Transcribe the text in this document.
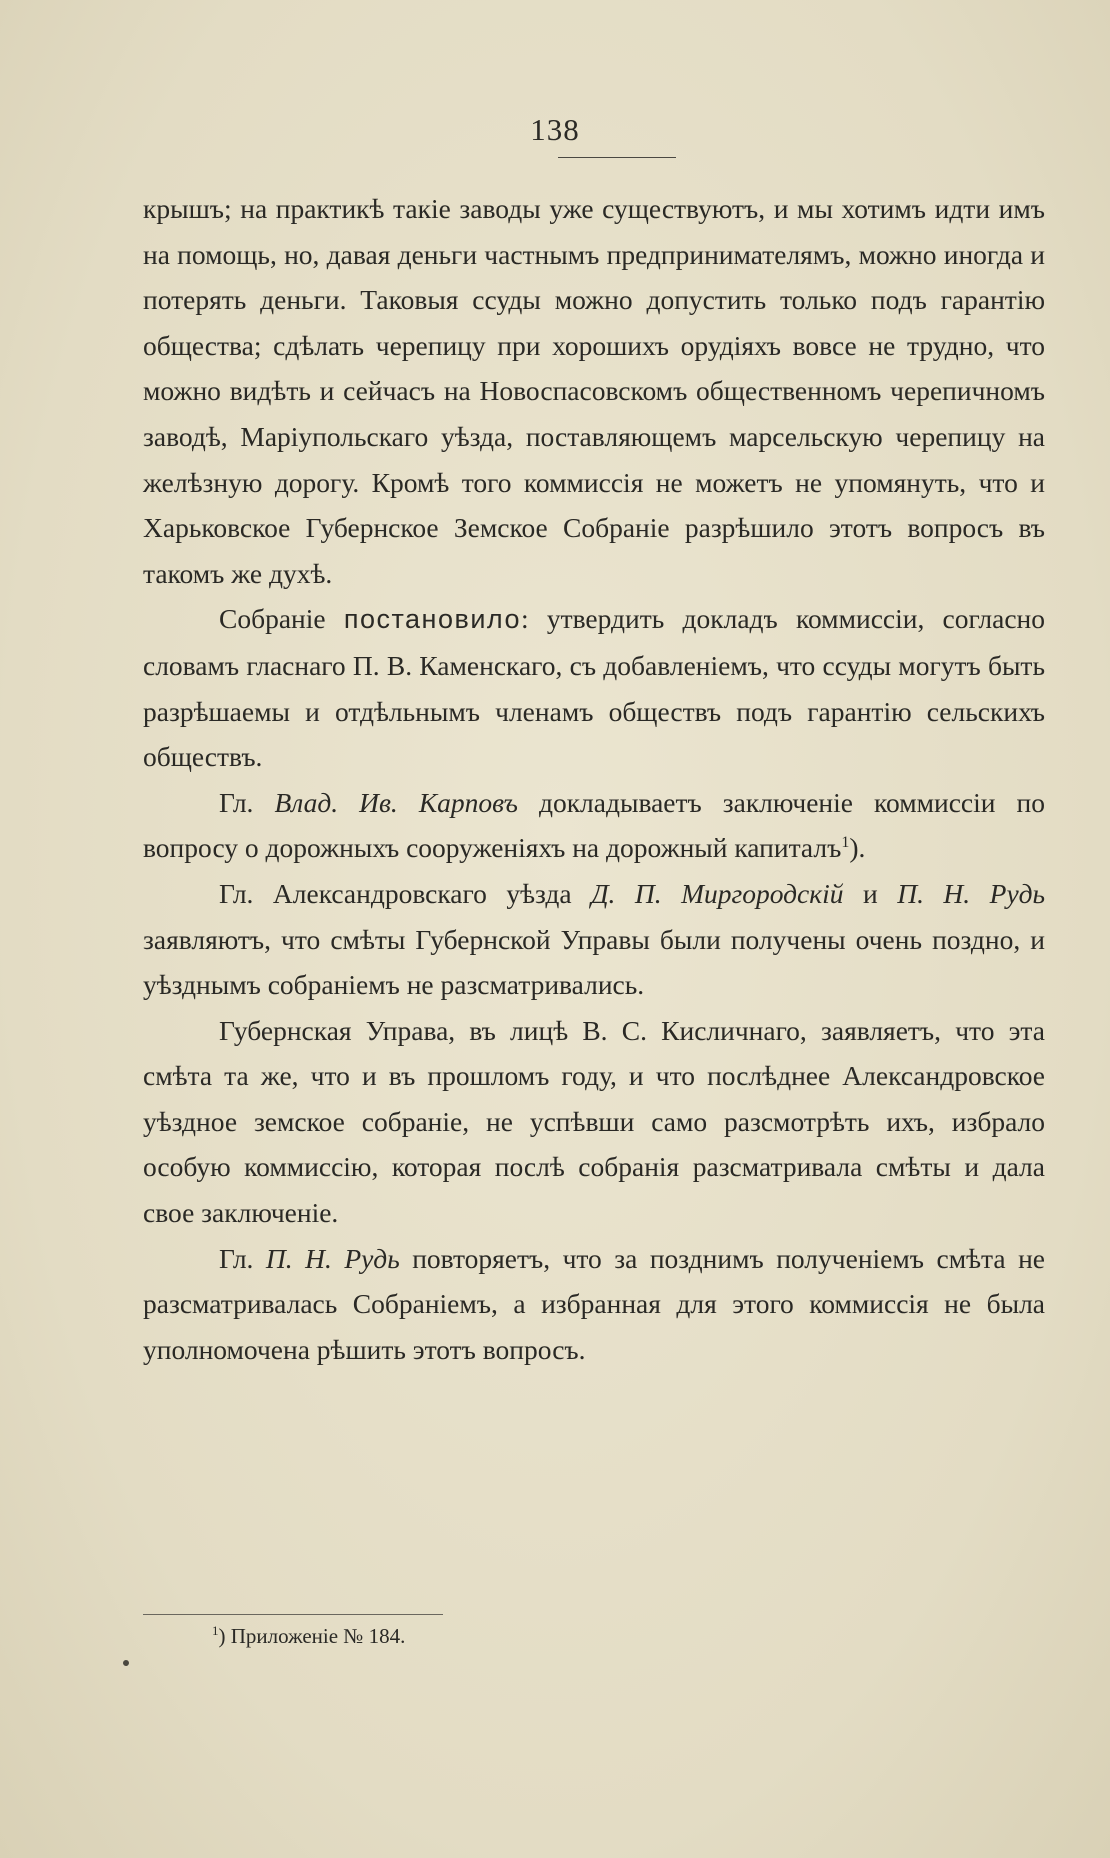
138

крышъ; на практикѣ такіе заводы уже существуютъ, и мы хотимъ идти имъ на помощь, но, давая деньги частнымъ предпринимателямъ, можно иногда и потерять деньги. Таковыя ссуды можно допустить только подъ гарантію общества; сдѣлать черепицу при хорошихъ орудіяхъ вовсе не трудно, что можно видѣть и сейчасъ на Новоспасовскомъ общественномъ черепичномъ заводѣ, Маріупольскаго уѣзда, поставляющемъ марсельскую черепицу на желѣзную дорогу. Кромѣ того коммиссія не можетъ не упомянуть, что и Харьковское Губернское Земское Собраніе разрѣшило этотъ вопросъ въ такомъ же духѣ.

Собраніе постановило: утвердить докладъ коммиссіи, согласно словамъ гласнаго П. В. Каменскаго, съ добавленіемъ, что ссуды могутъ быть разрѣшаемы и отдѣльнымъ членамъ обществъ подъ гарантію сельскихъ обществъ.

Гл. Влад. Ив. Карповъ докладываетъ заключеніе коммиссіи по вопросу о дорожныхъ сооруженіяхъ на дорожный капиталъ$^1$).

Гл. Александровскаго уѣзда Д. П. Миргородскій и П. Н. Рудь заявляютъ, что смѣты Губернской Управы были получены очень поздно, и уѣзднымъ собраніемъ не разсматривались.

Губернская Управа, въ лицѣ В. С. Кисличнаго, заявляетъ, что эта смѣта та же, что и въ прошломъ году, и что послѣднее Александровское уѣздное земское собраніе, не успѣвши само разсмотрѣть ихъ, избрало особую коммиссію, которая послѣ собранія разсматривала смѣты и дала свое заключеніе.

Гл. П. Н. Рудь повторяетъ, что за позднимъ полученіемъ смѣта не разсматривалась Собраніемъ, а избранная для этого коммиссія не была уполномочена рѣшить этотъ вопросъ.

$^1$) Приложеніе № 184.
